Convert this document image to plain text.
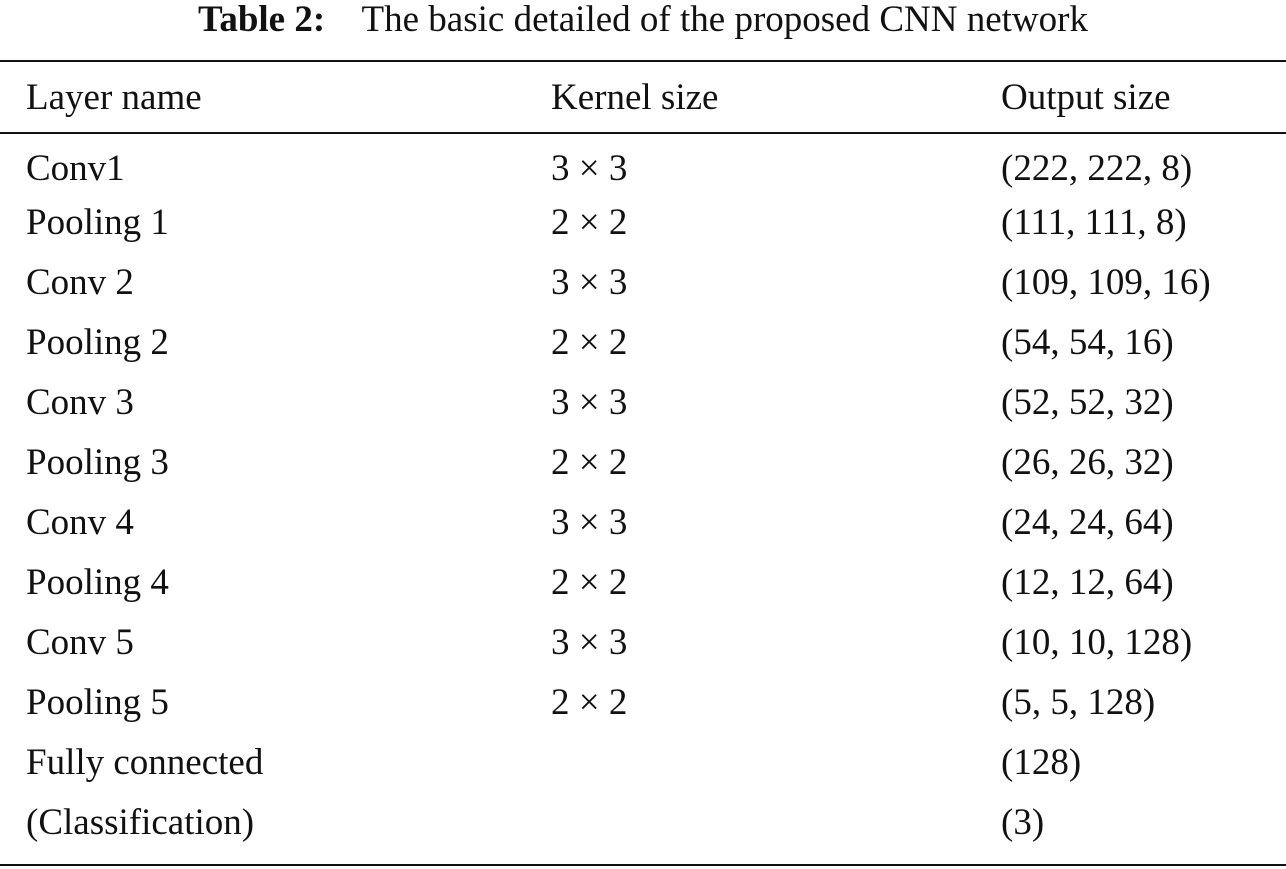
Table 2: The basic detailed of the proposed CNN network
Layer name	Kernel size	Output size
Conv1	3 × 3	(222, 222, 8)
Pooling 1	2 × 2	(111, 111, 8)
Conv 2	3 × 3	(109, 109, 16)
Pooling 2	2 × 2	(54, 54, 16)
Conv 3	3 × 3	(52, 52, 32)
Pooling 3	2 × 2	(26, 26, 32)
Conv 4	3 × 3	(24, 24, 64)
Pooling 4	2 × 2	(12, 12, 64)
Conv 5	3 × 3	(10, 10, 128)
Pooling 5	2 × 2	(5, 5, 128)
Fully connected		(128)
(Classification)		(3)
